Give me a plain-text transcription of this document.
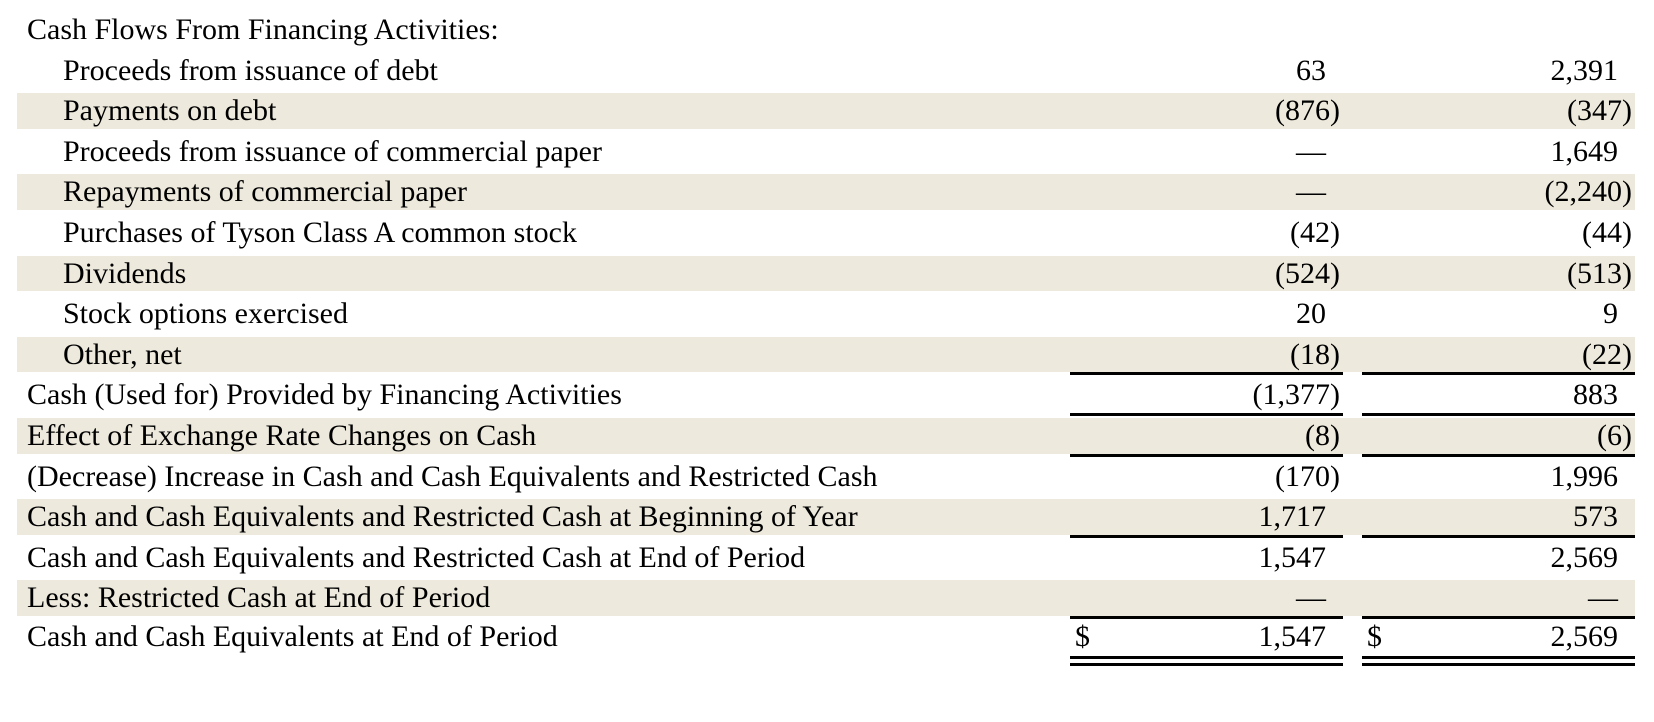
Cash Flows From Financing Activities:
Proceeds from issuance of debt	63	2,391
Payments on debt	(876)	(347)
Proceeds from issuance of commercial paper	—	1,649
Repayments of commercial paper	—	(2,240)
Purchases of Tyson Class A common stock	(42)	(44)
Dividends	(524)	(513)
Stock options exercised	20	9
Other, net	(18)	(22)
Cash (Used for) Provided by Financing Activities	(1,377)	883
Effect of Exchange Rate Changes on Cash	(8)	(6)
(Decrease) Increase in Cash and Cash Equivalents and Restricted Cash	(170)	1,996
Cash and Cash Equivalents and Restricted Cash at Beginning of Year	1,717	573
Cash and Cash Equivalents and Restricted Cash at End of Period	1,547	2,569
Less: Restricted Cash at End of Period	—	—
Cash and Cash Equivalents at End of Period	$	1,547	$	2,569
